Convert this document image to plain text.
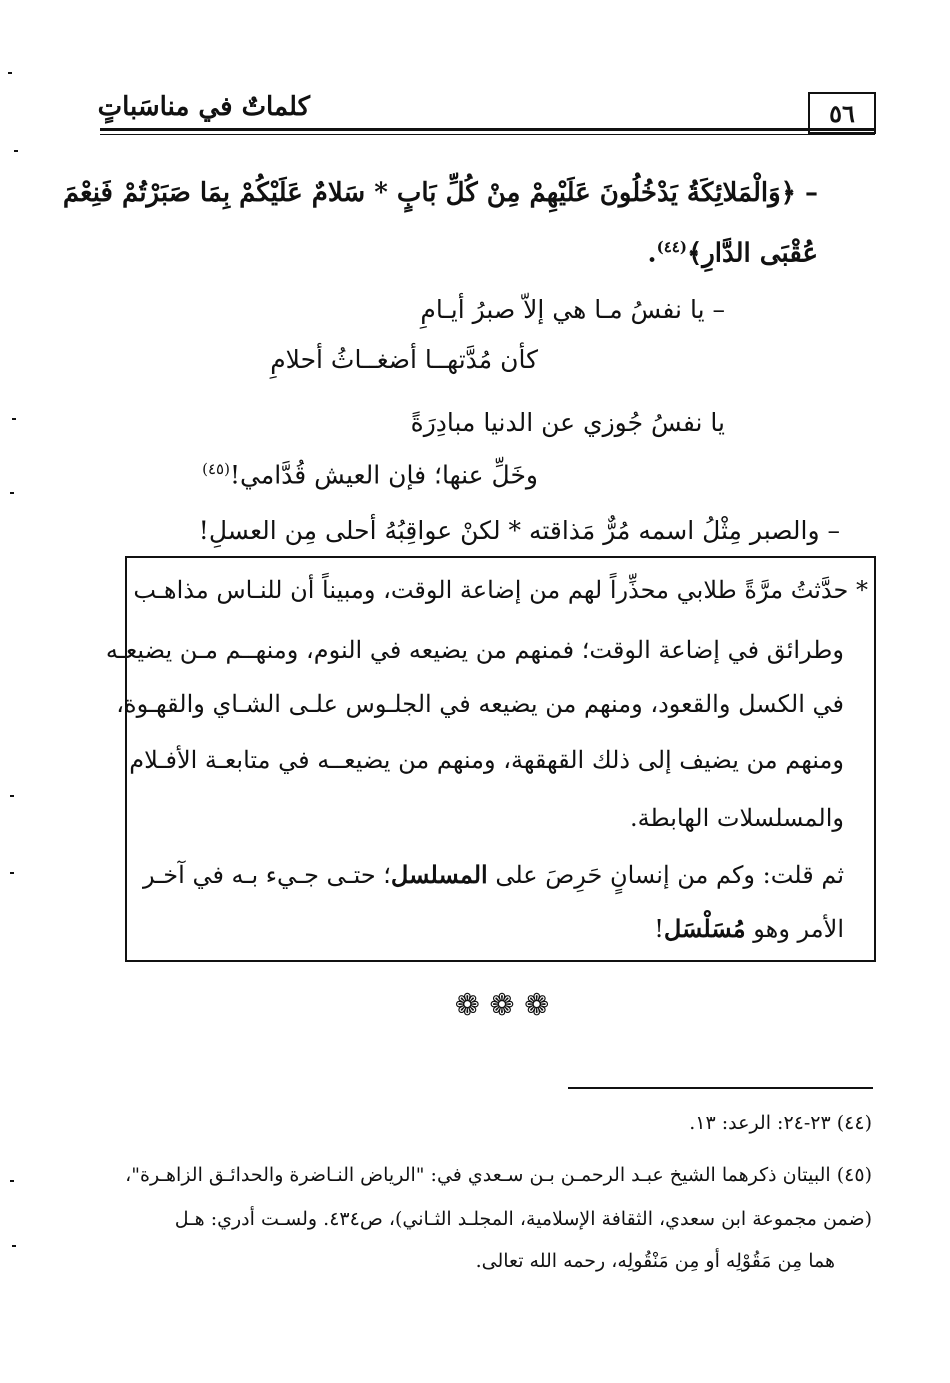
٥٦
كلماتٌ في مناسَباتٍ
– ﴿وَالْمَلائِكَةُ يَدْخُلُونَ عَلَيْهِمْ مِنْ كُلِّ بَابٍ * سَلامٌ عَلَيْكُمْ بِمَا صَبَرْتُمْ فَنِعْمَ
عُقْبَى الدَّارِ﴾$^{(٤٤)}$.
– يا نفسُ مـا هي إلاّ صبرُ أيـامِ
كأن مُدَّتهــا أضغــاثُ أحلامِ
يا نفسُ جُوزي عن الدنيا مبادِرَةً
وخَلِّ عنها؛ فإن العيش قُدَّامي!$^{(٤٥)}$
– والصبر مِثْلُ اسمه مُرٌّ مَذاقته * لكنْ عواقِبُهُ أحلى مِن العسلِ!
* حدَّثتُ مرَّةً طلابي محذِّراً لهم من إضاعة الوقت، ومبيناً أن للنـاس مذاهـب
وطرائق في إضاعة الوقت؛ فمنهم من يضيعه في النوم، ومنهــم مـن يضيعـه
في الكسل والقعود، ومنهم من يضيعه في الجلـوس علـى الشـاي والقهـوة،
ومنهم من يضيف إلى ذلك القهقهة، ومنهم من يضيعــه في متابعـة الأفـلام
والمسلسلات الهابطة.
ثم قلت: وكم من إنسانٍ حَرِصَ على المسلسل؛ حتـى جـيء بـه في آخـر
الأمر وهو مُسَلْسَل!
❁ ❁ ❁
(٤٤) ٢٣-٢٤: الرعد: ١٣.
(٤٥) البيتان ذكرهما الشيخ عبـد الرحمـن بـن سـعدي في: "الرياض النـاضرة والحدائـق الزاهـرة"،
(ضمن مجموعة ابن سعدي، الثقافة الإسلامية، المجلـد الثـاني)، ص٤٣٤. ولسـت أدري: هـل
هما مِن مَقُوْلِه أو مِن مَنْقُولِه، رحمه الله تعالى.
